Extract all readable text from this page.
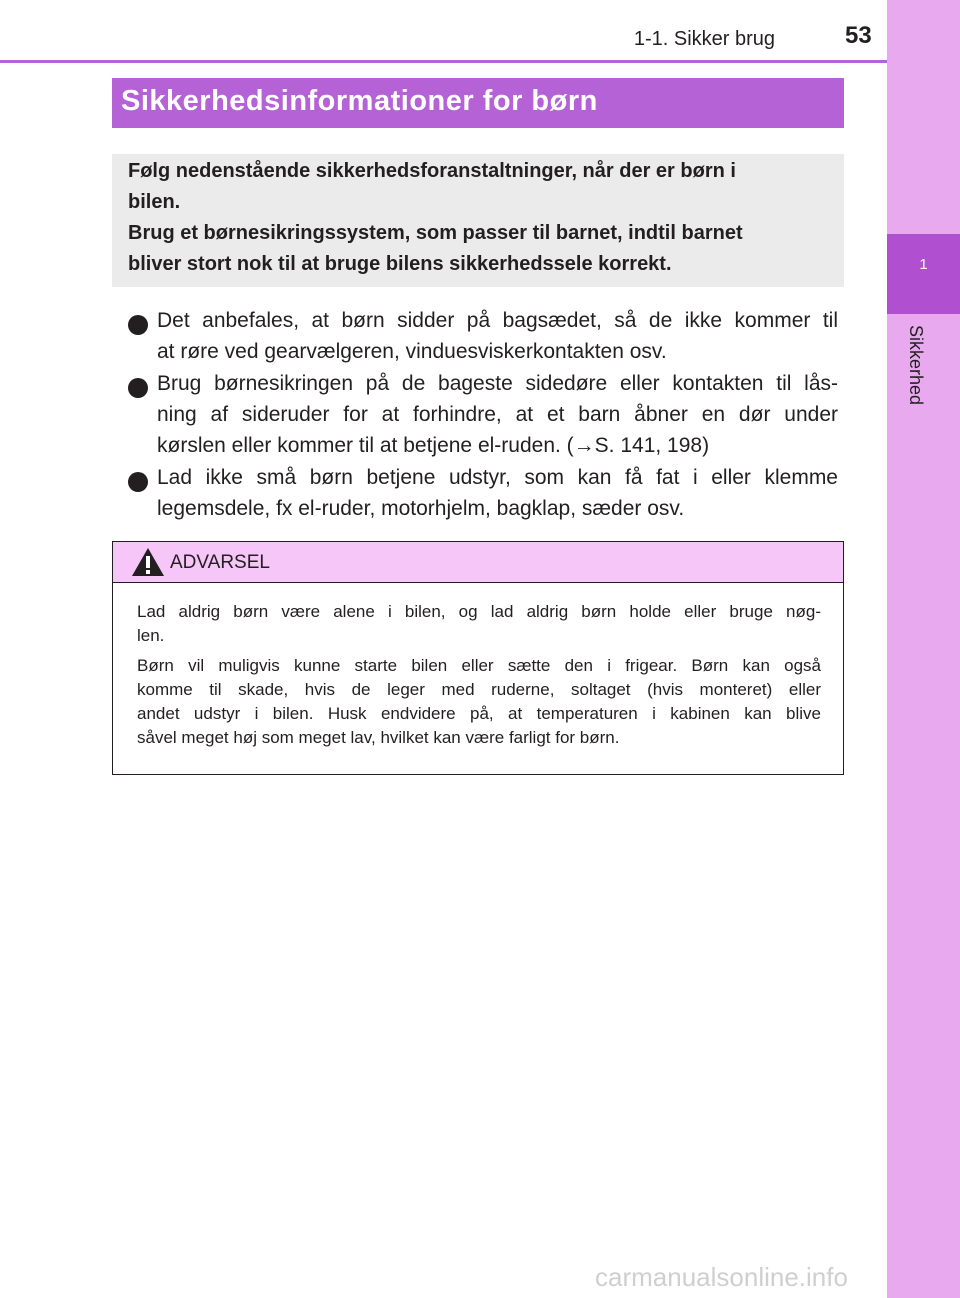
1
Sikkerhed
1-1. Sikker brug	53
Sikkerhedsinformationer for børn
Følg nedenstående sikkerhedsforanstaltninger, når der er børn i
bilen.
Brug et børnesikringssystem, som passer til barnet, indtil barnet
bliver stort nok til at bruge bilens sikkerhedssele korrekt.
Det anbefales, at børn sidder på bagsædet, så de ikke kommer til
at røre ved gearvælgeren, vinduesviskerkontakten osv.
Brug børnesikringen på de bageste sidedøre eller kontakten til lås-
ning af sideruder for at forhindre, at et barn åbner en dør under
kørslen eller kommer til at betjene el-ruden. (→S. 141, 198)
Lad ikke små børn betjene udstyr, som kan få fat i eller klemme
legemsdele, fx el-ruder, motorhjelm, bagklap, sæder osv.
ADVARSEL
Lad aldrig børn være alene i bilen, og lad aldrig børn holde eller bruge nøg-
len.
Børn vil muligvis kunne starte bilen eller sætte den i frigear. Børn kan også
komme til skade, hvis de leger med ruderne, soltaget (hvis monteret) eller
andet udstyr i bilen. Husk endvidere på, at temperaturen i kabinen kan blive
såvel meget høj som meget lav, hvilket kan være farligt for børn.
carmanualsonline.info
